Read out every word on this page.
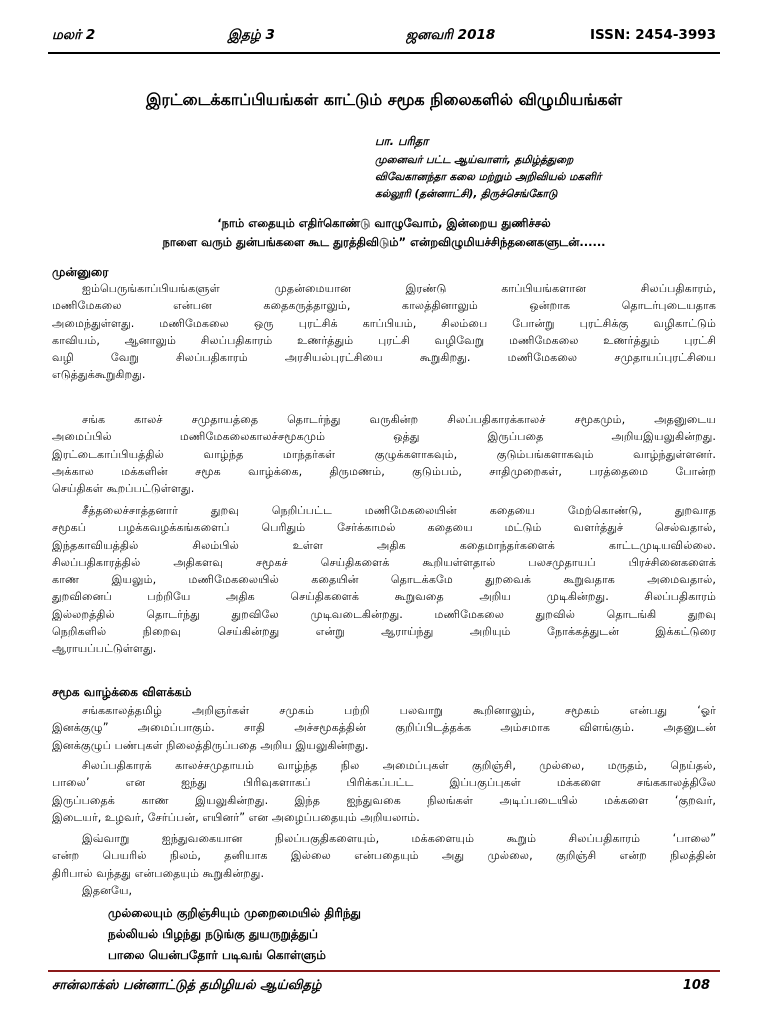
மலர் 2	இதழ் 3	ஜனவரி 2018	ISSN: 2454-3993
இரட்டைக்காப்பியங்கள் காட்டும் சமூக நிலைகளில் விழுமியங்கள்
பா. பரிதா
முனைவர் பட்ட ஆய்வாளர், தமிழ்த்துறை
விவேகானந்தா கலை மற்றும் அறிவியல் மகளிர்
கல்லூரி (தன்னாட்சி), திருச்செங்கோடு
‘நாம் எதையும் எதிர்கொண்டு வாழுவோம், இன்றைய துணிச்சல்
நாளை வரும் துன்பங்களை கூட துரத்திவிடும்” என்றவிழுமியச்சிந்தனைகளுடன்......
முன்னுரை
ஐம்பெருங்காப்பியங்களுள் முதன்மையான இரண்டு காப்பியங்களான சிலப்பதிகாரம்,
மணிமேகலை என்பன கதைகருத்தாலும், காலத்தினாலும் ஒன்றாக தொடர்புடையதாக
அமைந்துள்ளது. மணிமேகலை ஒரு புரட்சிக் காப்பியம், சிலம்பை போன்று புரட்சிக்கு வழிகாட்டும்
காவியம், ஆனாலும் சிலப்பதிகாரம் உணர்த்தும் புரட்சி வழிவேறு மணிமேகலை உணர்த்தும் புரட்சி
வழி வேறு சிலப்பதிகாரம் அரசியல்புரட்சியை கூறுகிறது. மணிமேகலை சமுதாயப்புரட்சியை
எடுத்துக்கூறுகிறது.
சங்க காலச் சமுதாயத்தை தொடர்ந்து வருகின்ற சிலப்பதிகாரக்காலச் சமூகமும், அதனுடைய
அமைப்பில் மணிமேகலைகாலச்சமூகமும் ஒத்து இருப்பதை அறியஇயலுகின்றது.
இரட்டைகாப்பியத்தில் வாழ்ந்த மாந்தர்கள் குழுக்களாகவும், குடும்பங்களாகவும் வாழ்ந்துள்ளனர்.
அக்கால மக்களின் சமூக வாழ்க்கை, திருமணம், குடும்பம், சாதிமுறைகள், பரத்தைமை போன்ற
செய்திகள் கூறப்பட்டுள்ளது.
சீத்தலைச்சாத்தனார் துறவு நெறிப்பட்ட மணிமேகலையின் கதையை மேற்கொண்டு, துறவாத
சமூகப் பழக்கவழக்கங்களைப் பெரிதும் சேர்க்காமல் கதையை மட்டும் வளர்த்துச் செல்வதால்,
இந்தகாவியத்தில் சிலம்பில் உள்ள அதிக கதைமாந்தர்களைக் காட்டமுடியவில்லை.
சிலப்பதிகாரத்தில் அதிகளவு சமூகச் செய்திகளைக் கூறியள்ளதால் பலசமுதாயப் பிரச்சினைகளைக்
காண இயலும், மணிமேகலையில் கதையின் தொடக்கமே துறவைக் கூறுவதாக அமைவதால்,
துறவினைப் பற்றியே அதிக செய்திகளைக் கூறுவதை அறிய முடிகின்றது. சிலப்பதிகாரம்
இல்லறத்தில் தொடர்ந்து துறவிலே முடிவடைகின்றது. மணிமேகலை துறவில் தொடங்கி துறவு
நெறிகளில் நிறைவு செய்கின்றது என்று ஆராய்ந்து அறியும் நோக்கத்துடன் இக்கட்டுரை
ஆராயப்பட்டுள்ளது.
சமூக வாழ்க்கை விளக்கம்
சங்ககாலத்தமிழ் அறிஞர்கள் சமுகம் பற்றி பலவாறு கூறினாலும், சமூகம் என்பது ‘ஓர்
இனக்குழு” அமைப்பாகும். சாதி அச்சமூகத்தின் குறிப்பிடத்தக்க அம்சமாக விளங்கும். அதனுடன்
இனக்குழுப் பண்புகள் நிலைத்திருப்பதை அறிய இயலுகின்றது.
சிலப்பதிகாரக் காலச்சமுதாயம் வாழ்ந்த நில அமைப்புகள் குறிஞ்சி, முல்லை, மருதம், நெய்தல்,
பாலை’ என ஐந்து பிரிவுகளாகப் பிரிக்கப்பட்ட இப்பகுப்புகள் மக்களை சங்ககாலத்திலே
இருப்பதைக் காண இயலுகின்றது. இந்த ஐந்துவகை நிலங்கள் அடிப்படையில் மக்களை ‘குறவர்,
இடையர், உழவர், சேர்ப்பன், எயினர்” என அழைப்பதையும் அறியலாம்.
இவ்வாறு ஐந்துவகையான நிலப்பகுதிகளையும், மக்களையும் கூறும் சிலப்பதிகாரம் ‘பாலை”
என்ற பெயரில் நிலம், தனியாக இல்லை என்பதையும் அது முல்லை, குறிஞ்சி என்ற நிலத்தின்
திரிபால் வந்தது என்பதையும் கூறுகின்றது.
இதனயே,
முல்லையும் குறிஞ்சியும் முறைமையில் திரிந்து
நல்லியல் பிழந்து நடுங்கு துயருறுத்துப்
பாலை யென்பதோர் படிவங் கொள்ளும்
சான்லாக்ஸ் பன்னாட்டுத் தமிழியல் ஆய்விதழ்	108
